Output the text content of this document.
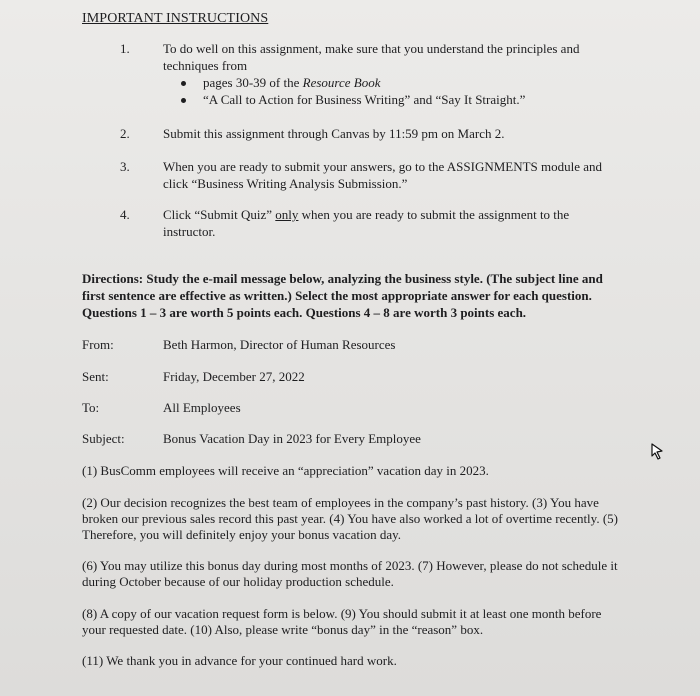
IMPORTANT INSTRUCTIONS
1.	To do well on this assignment, make sure that you understand the principles and techniques from
pages 30-39 of the Resource Book
“A Call to Action for Business Writing” and “Say It Straight.”
2.	Submit this assignment through Canvas by 11:59 pm on March 2.
3.	When you are ready to submit your answers, go to the ASSIGNMENTS module and click “Business Writing Analysis Submission.”
4.	Click “Submit Quiz” only when you are ready to submit the assignment to the instructor.
Directions: Study the e-mail message below, analyzing the business style. (The subject line and first sentence are effective as written.) Select the most appropriate answer for each question. Questions 1 – 3 are worth 5 points each. Questions 4 – 8 are worth 3 points each.
From:	Beth Harmon, Director of Human Resources
Sent:	Friday, December 27, 2022
To:	All Employees
Subject:	Bonus Vacation Day in 2023 for Every Employee
(1) BusComm employees will receive an “appreciation” vacation day in 2023.
(2) Our decision recognizes the best team of employees in the company’s past history. (3) You have broken our previous sales record this past year. (4) You have also worked a lot of overtime recently. (5) Therefore, you will definitely enjoy your bonus vacation day.
(6) You may utilize this bonus day during most months of 2023. (7) However, please do not schedule it during October because of our holiday production schedule.
(8) A copy of our vacation request form is below. (9) You should submit it at least one month before your requested date. (10) Also, please write “bonus day” in the “reason” box.
(11) We thank you in advance for your continued hard work.
